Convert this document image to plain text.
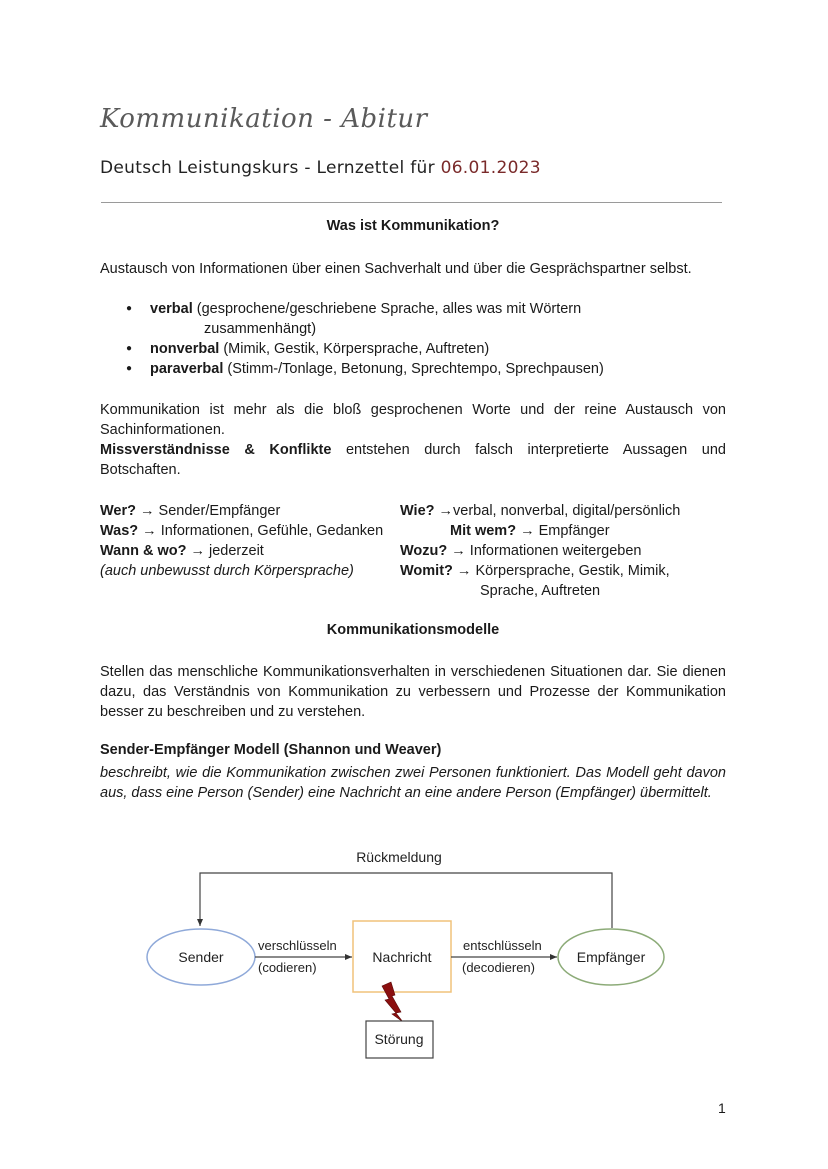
Kommunikation - Abitur
Deutsch Leistungskurs - Lernzettel für 06.01.2023
Was ist Kommunikation?
Austausch von Informationen über einen Sachverhalt und über die Gesprächspartner selbst.
● verbal (gesprochene/geschriebene Sprache, alles was mit Wörtern
zusammenhängt)
● nonverbal (Mimik, Gestik, Körpersprache, Auftreten)
● paraverbal (Stimm-/Tonlage, Betonung, Sprechtempo, Sprechpausen)
Kommunikation ist mehr als die bloß gesprochenen Worte und der reine Austausch von Sachinformationen.
Missverständnisse & Konflikte entstehen durch falsch interpretierte Aussagen und Botschaften.
Wer? → Sender/Empfänger
Was? → Informationen, Gefühle, Gedanken
Wann & wo? → jederzeit
(auch unbewusst durch Körpersprache)
Wie? →verbal, nonverbal, digital/persönlich
Mit wem? → Empfänger
Wozu? → Informationen weitergeben
Womit? → Körpersprache, Gestik, Mimik,
Sprache, Auftreten
Kommunikationsmodelle
Stellen das menschliche Kommunikationsverhalten in verschiedenen Situationen dar. Sie dienen dazu, das Verständnis von Kommunikation zu verbessern und Prozesse der Kommunikation besser zu beschreiben und zu verstehen.
Sender-Empfänger Modell (Shannon und Weaver)
beschreibt, wie die Kommunikation zwischen zwei Personen funktioniert. Das Modell geht davon aus, dass eine Person (Sender) eine Nachricht an eine andere Person (Empfänger) übermittelt.
Rückmeldung
Sender
verschlüsseln
(codieren)
Nachricht
entschlüsseln
(decodieren)
Empfänger
Störung
1
